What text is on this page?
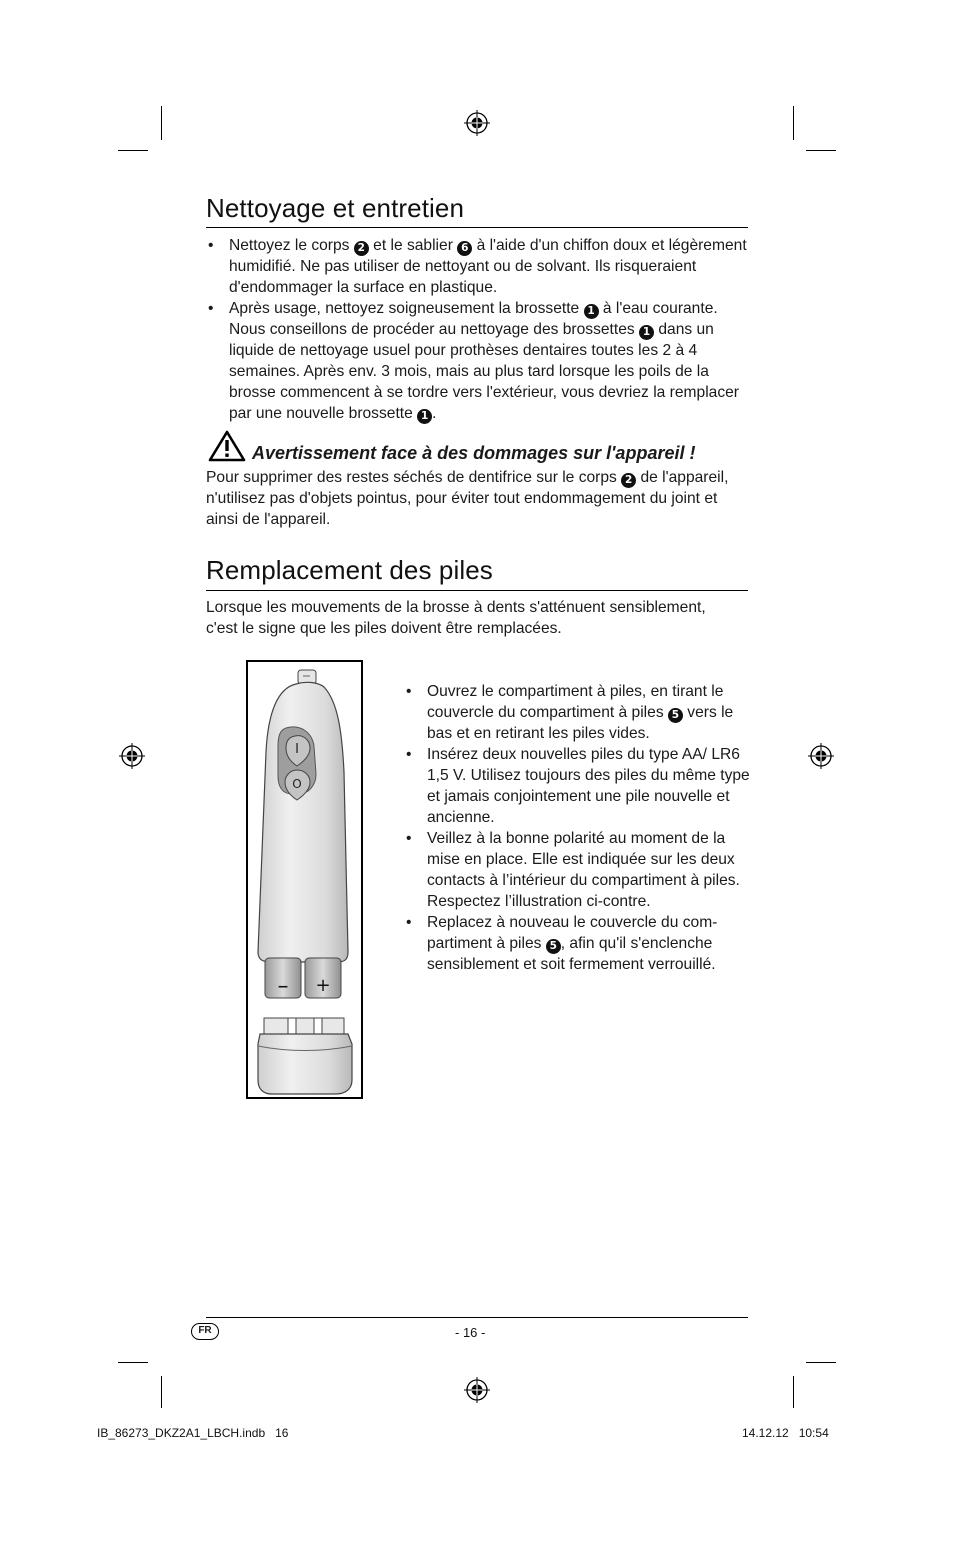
Nettoyage et entretien
• Nettoyez le corps 2 et le sablier 6 à l'aide d'un chiffon doux et légèrement humidifié. Ne pas utiliser de nettoyant ou de solvant. Ils risqueraient d'endommager la surface en plastique.
• Après usage, nettoyez soigneusement la brossette 1 à l'eau courante. Nous conseillons de procéder au nettoyage des brossettes 1 dans un liquide de nettoyage usuel pour prothèses dentaires toutes les 2 à 4 semaines. Après env. 3 mois, mais au plus tard lorsque les poils de la brosse commencent à se tordre vers l'extérieur, vous devriez la remplacer par une nouvelle brossette 1 .
Avertissement face à des dommages sur l'appareil !

Pour supprimer des restes séchés de dentifrice sur le corps 2 de l'appareil, n'utilisez pas d'objets pointus, pour éviter tout endommagement du joint et ainsi de l'appareil.

Remplacement des piles

Lorsque les mouvements de la brosse à dents s'atténuent sensiblement, c'est le signe que les piles doivent être remplacées.

I
O
– +
• Ouvrez le compartiment à piles, en tirant le couvercle du compartiment à piles 5 vers le bas et en retirant les piles vides.
• Insérez deux nouvelles piles du type AA/ LR6 1,5 V. Utilisez toujours des piles du même type et jamais conjointement une pile nouvelle et ancienne.
• Veillez à la bonne polarité au moment de la mise en place. Elle est indiquée sur les deux contacts à l’intérieur du compartiment à piles. Respectez l’illustration ci-contre.
• Replacez à nouveau le couvercle du com-partiment à piles 5 , afin qu'il s'enclenche sensiblement et soit fermement verrouillé.
FR	- 16 -
IB_86273_DKZ2A1_LBCH.indb   16	14.12.12   10:54
